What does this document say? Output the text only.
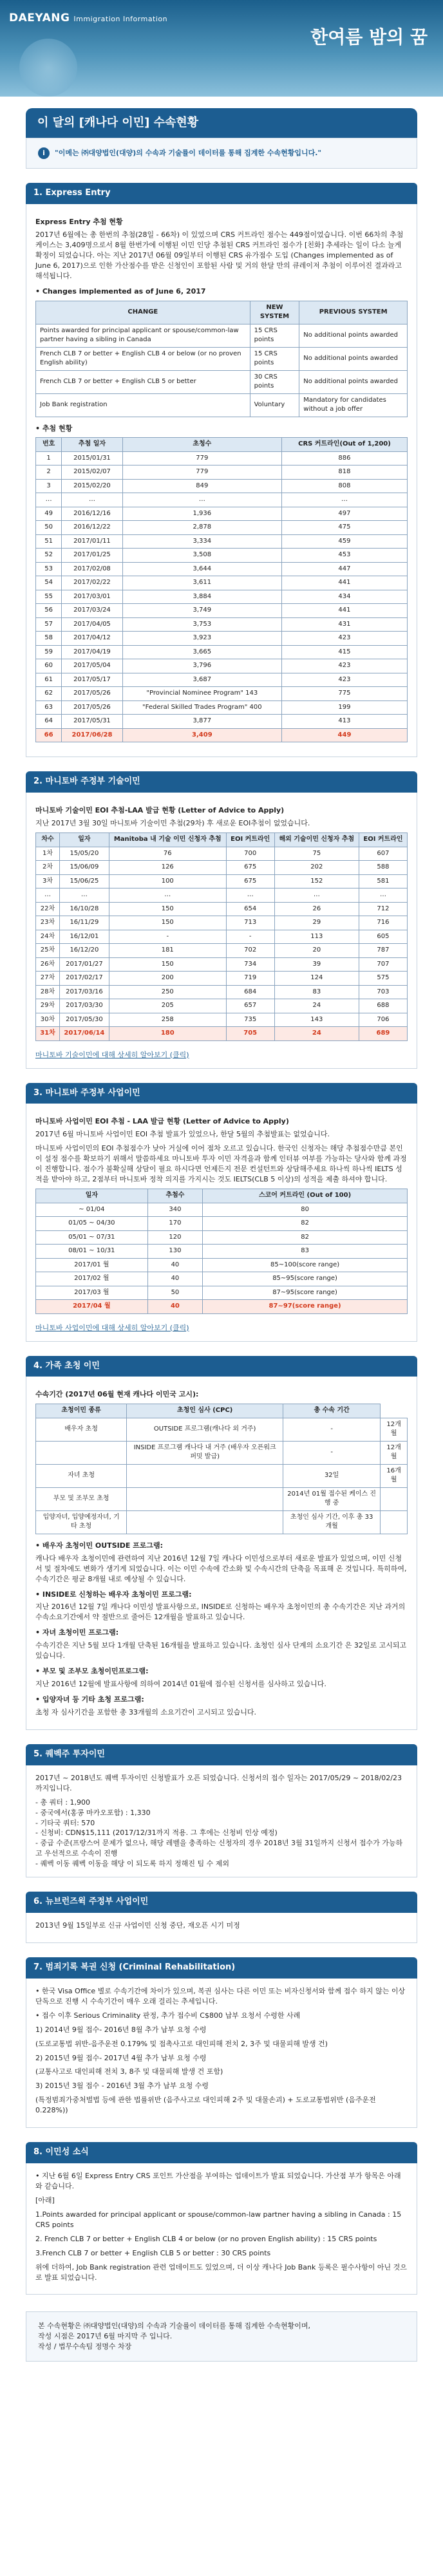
DAEYANG Immigration Information
한여름 밤의 꿈
이 달의 [캐나다 이민] 수속현황
i "이메는 ㈜대양법인(대양)의 수속과 기술률이 데이터를 통해 집계한 수속현황입니다."
1. Express Entry
Express Entry 추첨 현황

2017년 6월에는 총 한번의 추첨(28일 - 66차) 이 있었으며 CRS 커트라인 점수는 449점이었습니다. 이번 66차의 추첨 케이스는 3,409명으로서 8월 한번가에 이행된 이민 인당 추첨된 CRS 커트라인 점수가 [친화] 추세라는 일이 다소 늘게 확정이 되었습니다. 아는 지난 2017년 06월 09일부터 이행된 CRS 유가점수 도입 (Changes implemented as of June 6, 2017)으로 인한 가산점수를 받은 신청인이 포함된 사람 및 거의 한달 만의 큐레이저 추첨이 이루어진 결과라고 해석됩니다.

• Changes implemented as of June 6, 2017
CHANGE	NEW SYSTEM	PREVIOUS SYSTEM
Points awarded for principal applicant or spouse/common-law partner having a sibling in Canada	15 CRS points	No additional points awarded
French CLB 7 or better + English CLB 4 or below (or no proven English ability)	15 CRS points	No additional points awarded
French CLB 7 or better + English CLB 5 or better	30 CRS points	No additional points awarded
Job Bank registration	Voluntary	Mandatory for candidates without a job offer
• 추첨 현황
번호	추첨 일자	초청수	CRS 커트라인(Out of 1,200)
1	2015/01/31	779	886
2	2015/02/07	779	818
3	2015/02/20	849	808
…	…	…	…
49	2016/12/16	1,936	497
50	2016/12/22	2,878	475
51	2017/01/11	3,334	459
52	2017/01/25	3,508	453
53	2017/02/08	3,644	447
54	2017/02/22	3,611	441
55	2017/03/01	3,884	434
56	2017/03/24	3,749	441
57	2017/04/05	3,753	431
58	2017/04/12	3,923	423
59	2017/04/19	3,665	415
60	2017/05/04	3,796	423
61	2017/05/17	3,687	423
62	2017/05/26	"Provincial Nominee Program" 143	775
63	2017/05/26	"Federal Skilled Trades Program" 400	199
64	2017/05/31	3,877	413
66	2017/06/28	3,409	449
2. 마니토바 주정부 기술이민
마니토바 기술이민 EOI 추첨-LAA 발급 현황 (Letter of Advice to Apply)

지난 2017년 3월 30일 마니토바 기술이민 추첨(29차) 후 새로운 EOI추첨이 없었습니다.

차수	일자	Manitoba 내 기술 이민 신청자 추첨	EOI 커트라인	해외 기술이민 신청자 추첨	EOI 커트라인
1차	15/05/20	76	700	75	607
2차	15/06/09	126	675	202	588
3차	15/06/25	100	675	152	581
…	…	…	…	…	…
22차	16/10/28	150	654	26	712
23차	16/11/29	150	713	29	716
24차	16/12/01	-	-	113	605
25차	16/12/20	181	702	20	787
26차	2017/01/27	150	734	39	707
27차	2017/02/17	200	719	124	575
28차	2017/03/16	250	684	83	703
29차	2017/03/30	205	657	24	688
30차	2017/05/30	258	735	143	706
31차	2017/06/14	180	705	24	689
마니토바 기술이민에 대해 상세히 알아보기 (클릭)
3. 마니토바 주정부 사업이민
마니토바 사업이민 EOI 추첨 - LAA 발급 현황 (Letter of Advice to Apply)

2017년 6월 마니토바 사업이민 EOI 추첨 발표가 있었으나, 한달 5월의 추첨발표는 없었습니다.

마니토바 사업이민의 EOI 추첨점수가 낮아 거실에 이어 점차 오르고 있습니다. 한국인 신청자는 해당 추첨점수만큼 본인이 설정 점수를 확보하기 위해서 말씀하세요 마니토바 투자 이민 자격을과 함께 인터뷰 여부를 가능하는 당사와 함께 과정이 진행합니다. 점수가 불확실해 상담이 필요 하시다면 언제든지 전문 컨설턴트와 상담해주세요 하나씩 하나씩 IELTS 성적을 받아야 하고, 2점부터 마니토바 정착 의지를 가지시는 것도 IELTS(CLB 5 이상)의 성적을 제출 하셔야 합니다.

일자	추첨수	스코어 커트라인 (Out of 100)
~ 01/04	340	80
01/05 ~ 04/30	170	82
05/01 ~ 07/31	120	82
08/01 ~ 10/31	130	83
2017/01 월	40	85~100(score range)
2017/02 월	40	85~95(score range)
2017/03 월	50	87~95(score range)
2017/04 월	40	87~97(score range)
마니토바 사업이민에 대해 상세히 알아보기 (클릭)
4. 가족 초청 이민
수속기간 (2017년 06월 현재 캐나다 이민국 고시):
초청이민 종류	초청인 심사 (CPC)	총 수속 기간	
배우자 초청	OUTSIDE 프로그램(캐나다 외 거주)	-	12개월
	INSIDE 프로그램 캐나다 내 거주 (배우자 오픈워크퍼밋 발급)	-	12개월
자녀 초청		32일	16개월
부모 및 조부모 초청		2014년 01월 접수된 케이스 진행 중	
입양자녀, 입양예정자녀, 기타 초청		초청인 심사 기간, 이후 총 33개월	
• 배우자 초청이민 OUTSIDE 프로그램:

캐나다 배우자 초청이민에 관련하여 지난 2016년 12월 7일 캐나다 이민성으로부터 새로운 발표가 있었으며, 이민 신청서 및 절차에도 변화가 생기게 되었습니다. 이는 이민 수속에 간소화 및 수속시간의 단축을 목표해 온 것입니다. 특히하여, 수속기간은 평균 8개월 내로 예상될 수 있습니다.

• INSIDE로 신청하는 배우자 초청이민 프로그램:

지난 2016년 12월 7일 캐나다 이민성 발표사항으로, INSIDE로 신청하는 배우자 초청이민의 총 수속기간은 지난 과거의 수속소요기간에서 약 절반으로 줄어든 12개월을 발표하고 있습니다.

• 자녀 초청이민 프로그램:

수속기간은 지난 5월 보다 1개월 단축된 16개월을 발표하고 있습니다. 초청인 심사 단계의 소요기간 은 32일로 고시되고 있습니다.

• 부모 및 조부모 초청이민프로그램:

지난 2016년 12월에 발표사항에 의하여 2014년 01월에 접수된 신청서를 심사하고 있습니다.

• 입양자녀 등 기타 초청 프로그램:

초청 자 심사기간을 포함한 총 33개월의 소요기간이 고시되고 있습니다.

5. 퀘벡주 투자이민

2017년 ~ 2018년도 퀘벡 투자이민 신청발표가 오픈 되었습니다. 신청서의 접수 일자는 2017/05/29 ~ 2018/02/23 까지입니다.

- 총 쿼터 : 1,900
- 중국에서(홍콩 마카오포함) : 1,330
- 기타국 쿼터: 570
- 신청비: CDN$15,111 (2017/12/31까지 적용. 그 후에는 신청비 인상 예정)
- 중급 수준(프랑스어 문제가 없으나, 해당 레벨을 충족하는 신청자의 경우 2018년 3월 31일까지 신청서 접수가 가능하고 우선적으로 수속이 진행
- 퀘벡 이동 퀘벡 이동을 해당 이 되도록 하지 정해진 팀 수 제외
6. 뉴브런즈윅 주정부 사업이민

2013년 9월 15일부로 신규 사업이민 신청 중단, 재오픈 시기 미정

7. 범죄기록 복권 신청 (Criminal Rehabilitation)

• 한국 Visa Office 별로 수속기간에 차이가 있으며, 복권 심사는 다른 이민 또는 비자신청서와 함께 접수 하지 않는 이상 단독으로 진행 시 수속기간이 매우 오래 걸리는 추세입니다.

• 접수 이후 Serious Criminality 판정, 추가 접수비 C$800 납부 요청서 수령한 사례

1) 2014년 9월 접수- 2016년 8월 추가 납부 요청 수령

(도로교통법 위반-음주운전 0.179% 및 접촉사고로 대인피해 전치 2, 3주 및 대물피해 발생 건)

2) 2015년 9월 접수- 2017년 4월 추가 납부 요청 수령

(교통사고로 대인피해 전치 3, 8주 및 대물피해 발생 건 포함)

3) 2015년 3월 접수 - 2016년 3월 추가 납부 요청 수령

(특정범죄가중처벌법 등에 관한 법률위반 (음주사고로 대인피해 2주 및 대물손괴) + 도로교통법위반 (음주운전 0.228%))

8. 이민성 소식

• 지난 6월 6일 Express Entry CRS 포인트 가산점을 부여하는 업데이트가 발표 되었습니다. 가산점 부가 항목은 아래와 같습니다.

[아래]

1.Points awarded for principal applicant or spouse/common-law partner having a sibling in Canada : 15 CRS points

2. French CLB 7 or better + English CLB 4 or below (or no proven English ability) : 15 CRS points

3.French CLB 7 or better + English CLB 5 or better : 30 CRS points

위에 더하여, Job Bank registration 관련 업데이트도 있었으며, 더 이상 캐나다 Job Bank 등록은 필수사항이 아닌 것으로 발표 되었습니다.

본 수속현황은 ㈜대양법인(대양)의 수속과 기술률이 데이터를 통해 집계한 수속현황이며,
작성 시점은 2017년 6월 마지막 주 입니다.
작성 / 법무수속팀 정명수 차장
